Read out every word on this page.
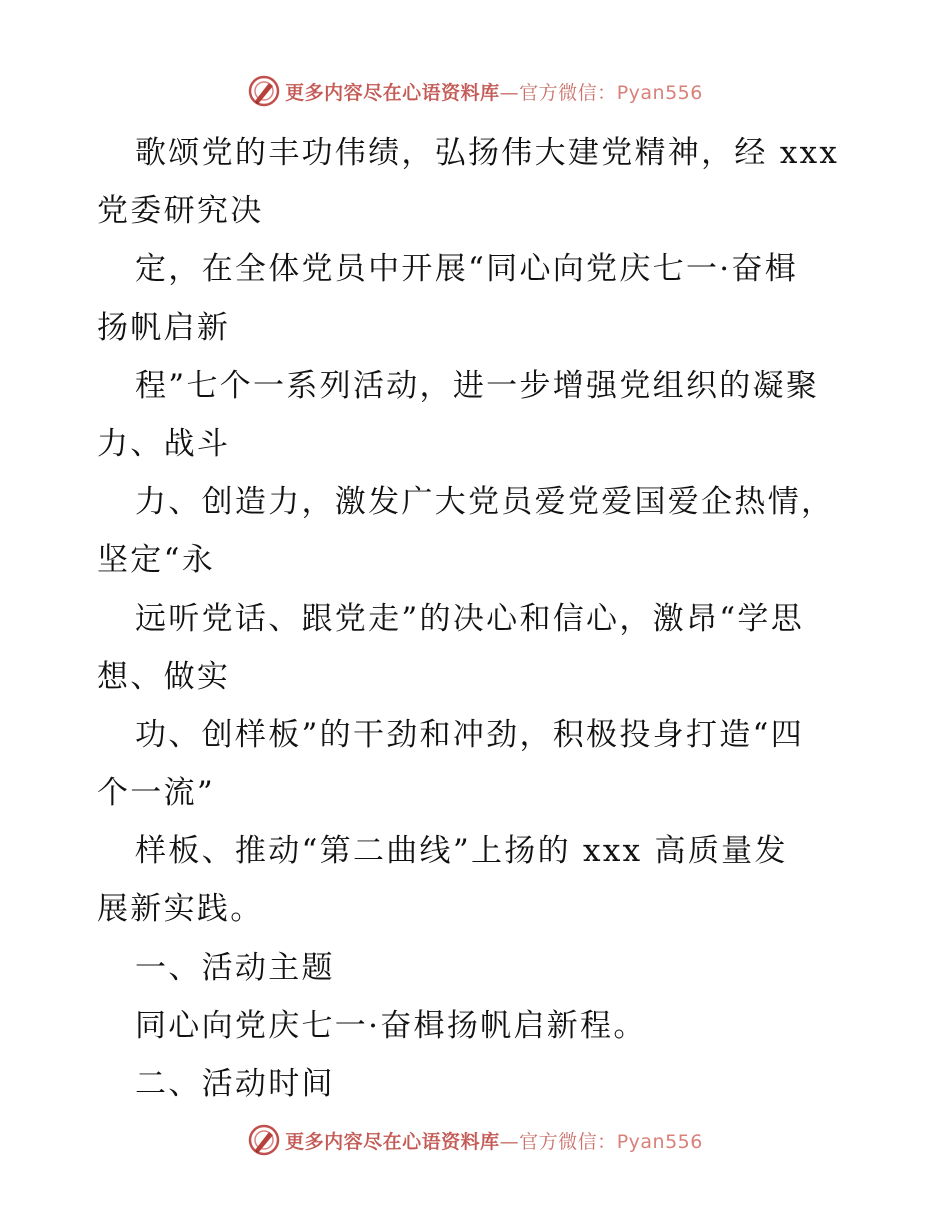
更多内容尽在心语资料库—官方微信：Pyan556
歌颂党的丰功伟绩，弘扬伟大建党精神，经 xxx
党委研究决
定，在全体党员中开展“同心向党庆七一·奋楫
扬帆启新
程”七个一系列活动，进一步增强党组织的凝聚
力、战斗
力、创造力，激发广大党员爱党爱国爱企热情，
坚定“永
远听党话、跟党走”的决心和信心，激昂“学思
想、做实
功、创样板”的干劲和冲劲，积极投身打造“四
个一流”
样板、推动“第二曲线”上扬的 xxx 高质量发
展新实践。
一、活动主题
同心向党庆七一·奋楫扬帆启新程。
二、活动时间
更多内容尽在心语资料库—官方微信：Pyan556
